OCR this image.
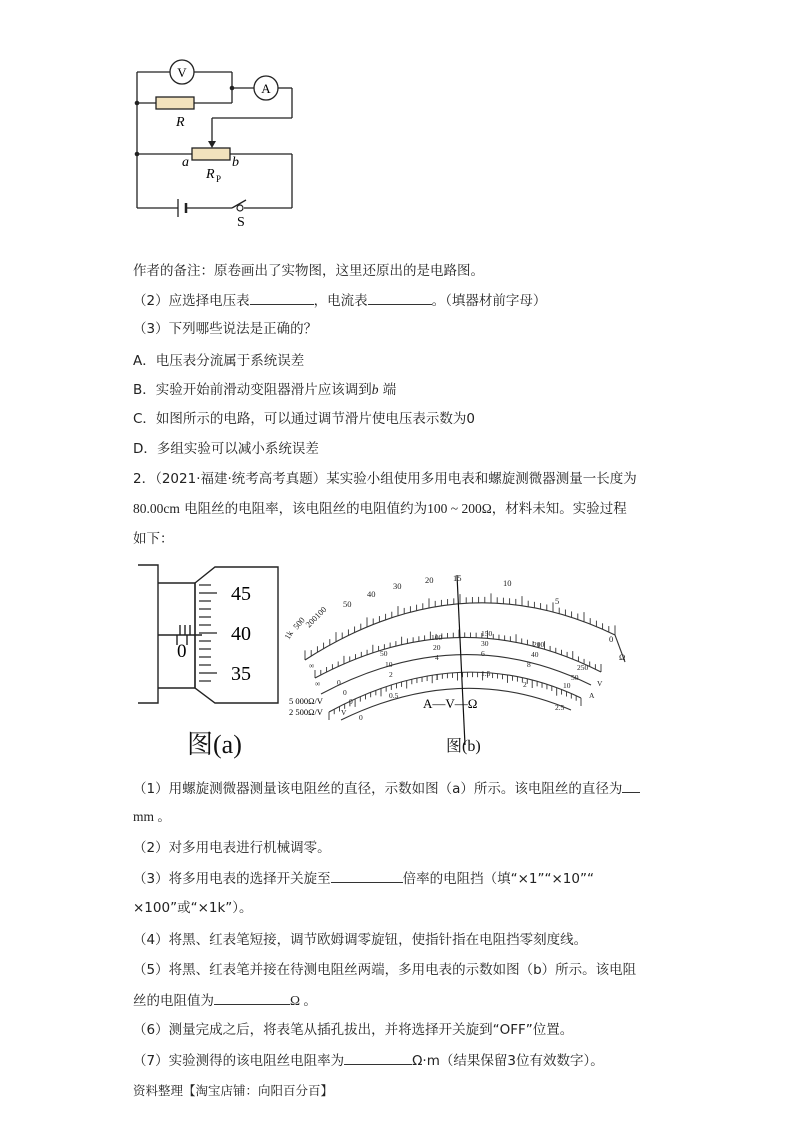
V
A
R
a	b
R P
S
作者的备注：原卷画出了实物图，这里还原出的是电路图。
（2）应选择电压表	，电流表	。（填器材前字母）
（3）下列哪些说法是正确的？
A．电压表分流属于系统误差
B．实验开始前滑动变阻器滑片应该调到b 端
C．如图所示的电路，可以通过调节滑片使电压表示数为0
D．多组实验可以减小系统误差
2．（2021·福建·统考高考真题）某实验小组使用多用电表和螺旋测微器测量一长度为
80.00cm 电阻丝的电阻率，该电阻丝的电阻值约为100 ~ 200Ω，材料未知。实验过程
如下：
45
40
35
0
图(a)
1k
500
200100
50
40
30
20 15	10
5
0
Ω
0
50
100	150
200
250
0
10
20	30
40
50
0
2
4	6
8
10
0
0.5
1	1.5
2
2.5
∞
∞
V
V
A
5 000Ω/V
2 500Ω/V
A—V—Ω
图(b)
（1）用螺旋测微器测量该电阻丝的直径，示数如图（a）所示。该电阻丝的直径为
mm 。
（2）对多用电表进行机械调零。
（3）将多用电表的选择开关旋至	倍率的电阻挡（填“×1”“×10”“
×100”或“×1k”）。
（4）将黑、红表笔短接，调节欧姆调零旋钮，使指针指在电阻挡零刻度线。
（5）将黑、红表笔并接在待测电阻丝两端，多用电表的示数如图（b）所示。该电阻
丝的电阻值为	Ω 。
（6）测量完成之后，将表笔从插孔拔出，并将选择开关旋到“OFF”位置。
（7）实验测得的该电阻丝电阻率为	Ω·m（结果保留3位有效数字）。
资料整理【淘宝店铺：向阳百分百】
